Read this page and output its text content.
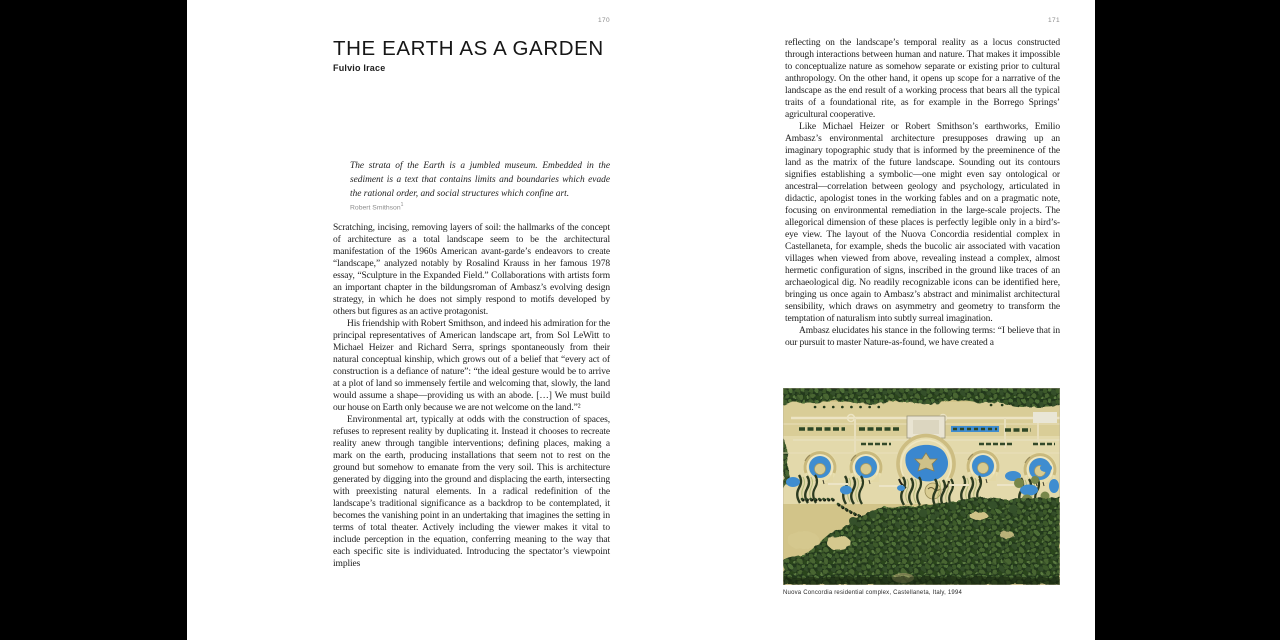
170
THE EARTH AS A GARDEN
Fulvio Irace

The strata of the Earth is a jumbled museum. Embedded in the sediment is a text that contains limits and boundaries which evade the rational order, and social structures which confine art.

Robert Smithson$^1$

Scratching, incising, removing layers of soil: the hallmarks of the concept of architecture as a total landscape seem to be the architectural manifestation of the 1960s American avant-garde’s endeavors to create “landscape,” analyzed notably by Rosalind Krauss in her famous 1978 essay, “Sculpture in the Expanded Field.” Collaborations with artists form an important chapter in the bildungsroman of Ambasz’s evolving design strategy, in which he does not simply respond to motifs developed by others but figures as an active protagonist.

His friendship with Robert Smithson, and indeed his admiration for the principal representatives of American landscape art, from Sol LeWitt to Michael Heizer and Richard Serra, springs spontaneously from their natural conceptual kinship, which grows out of a belief that “every act of construction is a defiance of nature”: “the ideal gesture would be to arrive at a plot of land so immensely fertile and welcoming that, slowly, the land would assume a shape—providing us with an abode. […] We must build our house on Earth only because we are not welcome on the land.”²

Environmental art, typically at odds with the construction of spaces, refuses to represent reality by duplicating it. Instead it chooses to recreate reality anew through tangible interventions; defining places, making a mark on the earth, producing installations that seem not to rest on the ground but somehow to emanate from the very soil. This is architecture generated by digging into the ground and displacing the earth, intersecting with preexisting natural elements. In a radical redefinition of the landscape’s traditional significance as a backdrop to be contemplated, it becomes the vanishing point in an undertaking that imagines the setting in terms of total theater. Actively including the viewer makes it vital to include perception in the equation, conferring meaning to the way that each specific site is individuated. Introducing the spectator’s viewpoint implies

171

reflecting on the landscape’s temporal reality as a locus constructed through interactions between human and nature. That makes it impossible to conceptualize nature as somehow separate or existing prior to cultural anthropology. On the other hand, it opens up scope for a narrative of the landscape as the end result of a working process that bears all the typical traits of a foundational rite, as for example in the Borrego Springs’ agricultural cooperative.

Like Michael Heizer or Robert Smithson’s earthworks, Emilio Ambasz’s environmental architecture presupposes drawing up an imaginary topographic study that is informed by the preeminence of the land as the matrix of the future landscape. Sounding out its contours signifies establishing a symbolic—one might even say ontological or ancestral—correlation between geology and psychology, articulated in didactic, apologist tones in the working fables and on a pragmatic note, focusing on environmental remediation in the large-scale projects. The allegorical dimension of these places is perfectly legible only in a bird’s-eye view. The layout of the Nuova Concordia residential complex in Castellaneta, for example, sheds the bucolic air associated with vacation villages when viewed from above, revealing instead a complex, almost hermetic configuration of signs, inscribed in the ground like traces of an archaeological dig. No readily recognizable icons can be identified here, bringing us once again to Ambasz’s abstract and minimalist architectural sensibility, which draws on asymmetry and geometry to transform the temptation of naturalism into subtly surreal imagination.

Ambasz elucidates his stance in the following terms: “I believe that in our pursuit to master Nature-as-found, we have created a

Nuova Concordia residential complex, Castellaneta, Italy, 1994
